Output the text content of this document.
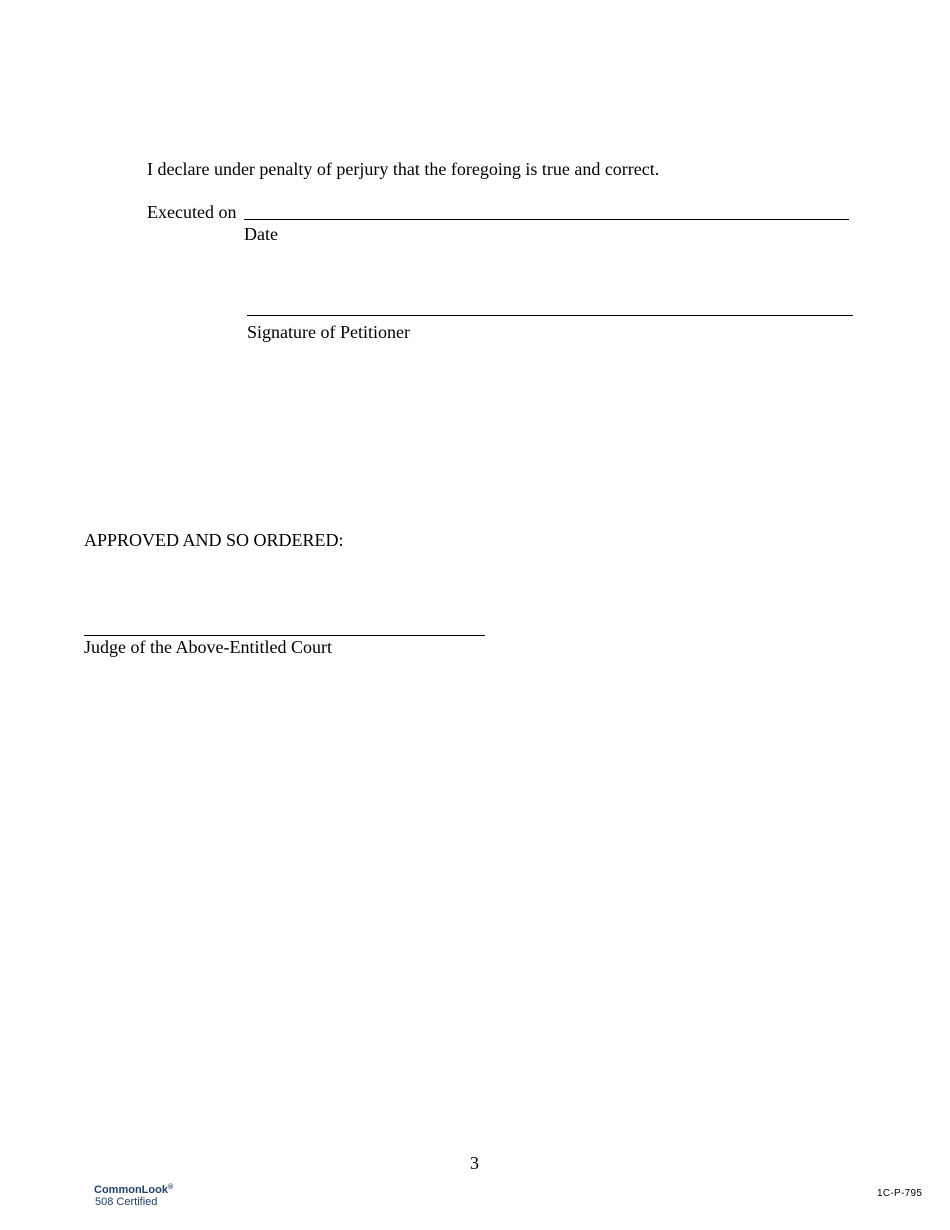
I declare under penalty of perjury that the foregoing is true and correct.
Executed on
Date
Signature of Petitioner
APPROVED AND SO ORDERED:
Judge of the Above-Entitled Court
3
CommonLook®
508 Certified
1C-P-795
